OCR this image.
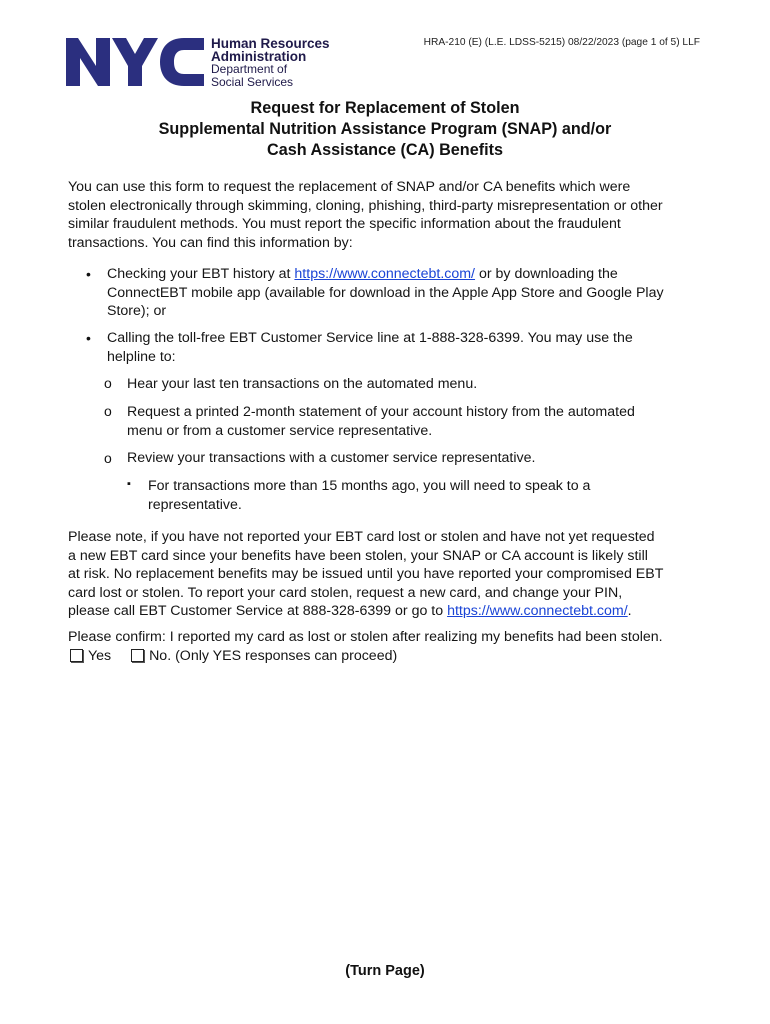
Human Resources
Administration
Department of
Social Services
HRA-210 (E) (L.E. LDSS-5215) 08/22/2023 (page 1 of 5) LLF
Request for Replacement of Stolen
Supplemental Nutrition Assistance Program (SNAP) and/or
Cash Assistance (CA) Benefits
You can use this form to request the replacement of SNAP and/or CA benefits which were
stolen electronically through skimming, cloning, phishing, third-party misrepresentation or other
similar fraudulent methods. You must report the specific information about the fraudulent
transactions. You can find this information by:
• Checking your EBT history at https://www.connectebt.com/ or by downloading the
ConnectEBT mobile app (available for download in the Apple App Store and Google Play
Store); or
• Calling the toll-free EBT Customer Service line at 1-888-328-6399. You may use the
helpline to:
o Hear your last ten transactions on the automated menu.
o Request a printed 2-month statement of your account history from the automated
menu or from a customer service representative.
o Review your transactions with a customer service representative.
▪ For transactions more than 15 months ago, you will need to speak to a
representative.
Please note, if you have not reported your EBT card lost or stolen and have not yet requested
a new EBT card since your benefits have been stolen, your SNAP or CA account is likely still
at risk. No replacement benefits may be issued until you have reported your compromised EBT
card lost or stolen. To report your card stolen, request a new card, and change your PIN,
please call EBT Customer Service at 888-328-6399 or go to https://www.connectebt.com/.
Please confirm: I reported my card as lost or stolen after realizing my benefits had been stolen.
Yes	No. (Only YES responses can proceed)
(Turn Page)
